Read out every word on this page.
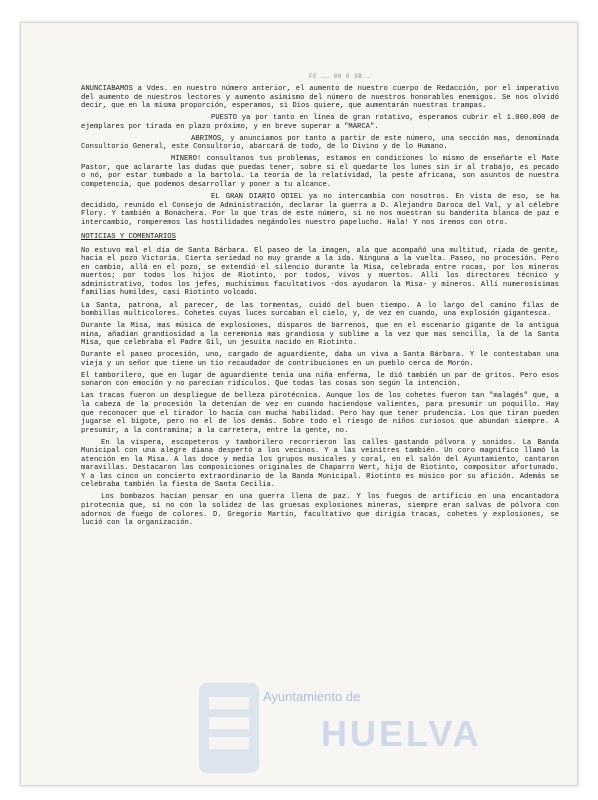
FE …… 00 0 9B …

ANUNCIABAMOS a Vdes. en nuestro número anterior, el aumento de nuestro cuerpo de Redacción, por el imperativo del aumento de nuestros lectores y aumento asimismo del número de nuestros honorables enemigos. Se nos olvidó decir, que en la misma proporción, esperamos, si Dios quiere, que aumentarán nuestras trampas.

PUESTO ya por tanto en línea de gran rotativo, esperamos cubrir el 1.000.000 de ejemplares por tirada en plazo próximo, y en breve superar a "MARCA".

ABRIMOS, y anunciamos por tanto a partir de este número, una sección mas, denominada Consultorio General, este Consultorio, abarcará de todo, de lo Divino y de lo Humano.

MINERO! consultanos tus problemas, estamos en condiciones lo mismo de enseñarte el Mate Pastor, que aclararte las dudas que puedas tener, sobre si el quedarte los lunes sin ir al trabajo, es pecado o nó, por estar tumbado a la bartola. La teoría de la relatividad, la peste africana, son asuntos de nuestra competencia, que podemos desarrollar y poner a tu alcance.

EL GRAN DIARIO ODIEL ya no intercambia con nosotros. En vista de eso, se ha decidido, reunido el Consejo de Administración, declarar la guerra a D. Alejandro Daroca del Val, y al célebre Flory. Y también a Bonachera. Por lo que tras de este número, si no nos muestran su banderita blanca de paz e intercambio, romperemos las hostilidades negándoles nuestro papelucho. Hala! Y nos iremos con otro.

NOTICIAS Y COMENTARIOS

No estuvo mal el día de Santa Bárbara. El paseo de la imagen, ala que acompañó una multitud, riada de gente, hacia el pozo Victoria. Cierta seriedad no muy grande a la ida. Ninguna a la vuelta. Paseo, no procesión. Pero en cambio, allá en el pozo, se extendió el silencio durante la Misa, celebrada entre rocas, por los mineros muertos; por todos los hijos de Riotinto, por todos, vivos y muertos. Allí los directores técnico y administrativo, todos los jefes, muchísimos facultativos -dos ayudaron la Misa- y mineros. Allí numerosísimas familias humildes, casi Riotinto volcado.

La Santa, patrona, al parecer, de las tormentas, cuidó del buen tiempo. A lo largo del camino filas de bombillas multicolores. Cohetes cuyas luces surcaban el cielo, y, de vez en cuando, una explosión gigantesca.

Durante la Misa, mas música de explosiones, disparos de barrenos, que en el escenario gigante de la antigua mina, añadían grandiosidad a la ceremonia mas grandiosa y sublime a la vez que mas sencilla, la de la Santa Misa, que celebraba el Padre Gil, un jesuita nacido en Riotinto.

Durante el paseo procesión, uno, cargado de aguardiente, daba un viva a Santa Bárbara. Y le contestaban una vieja y un señor que tiene un tío recaudador de contribuciones en un pueblo cerca de Morón.

El tamborilero, que en lugar de aguardiente tenía una niña enferma, le dió también un par de gritos. Pero esos sonaron con emoción y no parecían ridículos. Que todas las cosas son según la intención.

Las tracas fueron un despliegue de belleza pirotécnica. Aunque los de los cohetes fueron tan "malagés" que, a la cabeza de la procesión la detenían de vez en cuando haciendose valientes, para presumir un poquillo. Hay que reconocer que el tirador lo hacía con mucha habilidad. Pero hay que tener prudencia. Los que tiran pueden jugarse el bigote, pero no el de los demás. Sobre todo el riesgo de niños curiosos que abundan siempre. A presumir, a la contramina; a la carretera, entre la gente, no.

En la víspera, escopeteros y tamborilero recorrieron las calles gastando pólvora y sonidos. La Banda Municipal con una alegre diana despertó a los vecinos. Y a las veinitres también. Un coro magnífico llamó la atención en la Misa. A las doce y media los grupos musicales y coral, en el salón del Ayuntamiento, cantaron maravillas. Destacaron las composiciones originales de Chaparro Wert, hijo de Riotinto, compositor afortunado. Y a las cinco un concierto extraordinario de la Banda Municipal. Riotinto es músico por su afición. Además se celebraba también la fiesta de Santa Cecilia.

Los bombazos hacían pensar en una guerra llena de paz. Y los fuegos de artificio en una encantadora pirotecnia que, si no con la solidez de las gruesas explosiones mineras, siempre eran salvas de pólvora con adornos de fuego de colores. D. Gregorio Martín, facultativo que dirigía tracas, cohetes y explosiones, se lució con la organización.

Ayuntamiento de
HUELVA
